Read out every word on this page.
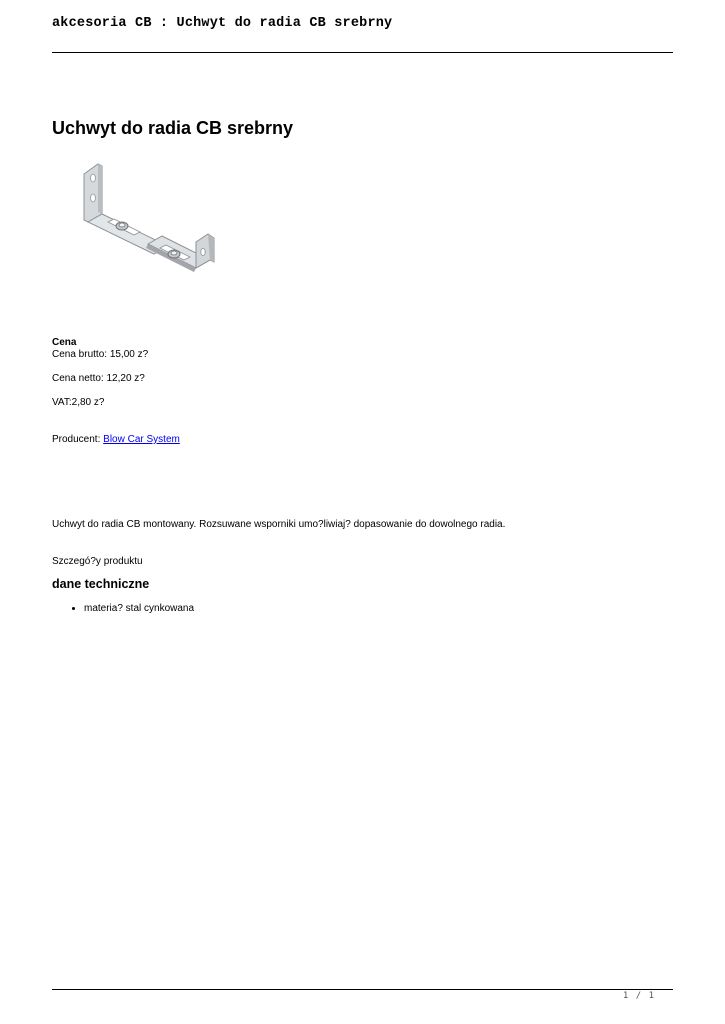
akcesoria CB : Uchwyt do radia CB srebrny
Uchwyt do radia CB srebrny
Cena
Cena brutto: 15,00 z?
Cena netto: 12,20 z?
VAT:2,80 z?
Producent: Blow Car System
Uchwyt do radia CB montowany. Rozsuwane wsporniki umo?liwiaj? dopasowanie do dowolnego radia.
Szczegó?y produktu
dane techniczne
• materia? stal cynkowana
1 / 1
